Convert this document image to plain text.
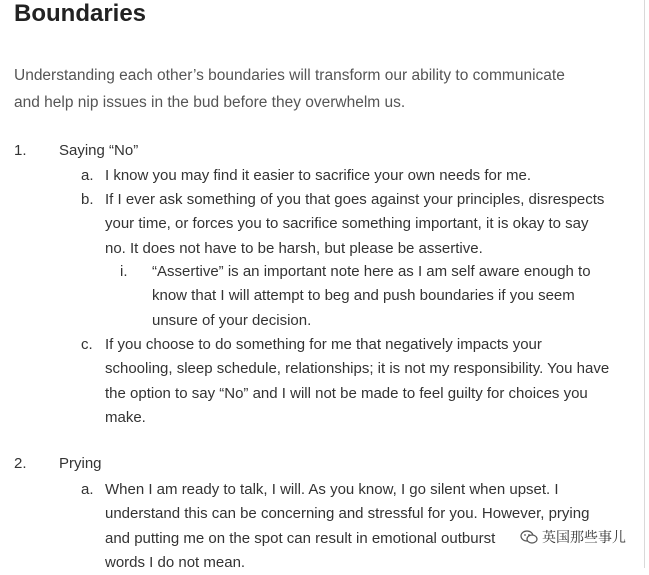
Boundaries
Understanding each other’s boundaries will transform our ability to communicate
and help nip issues in the bud before they overwhelm us.
1. Saying “No”
a. I know you may find it easier to sacrifice your own needs for me.
b. If I ever ask something of you that goes against your principles, disrespects
your time, or forces you to sacrifice something important, it is okay to say
no. It does not have to be harsh, but please be assertive.
i. “Assertive” is an important note here as I am self aware enough to
know that I will attempt to beg and push boundaries if you seem
unsure of your decision.
c. If you choose to do something for me that negatively impacts your
schooling, sleep schedule, relationships; it is not my responsibility. You have
the option to say “No” and I will not be made to feel guilty for choices you
make.
2. Prying
a. When I am ready to talk, I will. As you know, I go silent when upset. I
understand this can be concerning and stressful for you. However, prying
and putting me on the spot can result in emotional outburst
words I do not mean.
英国那些事儿
